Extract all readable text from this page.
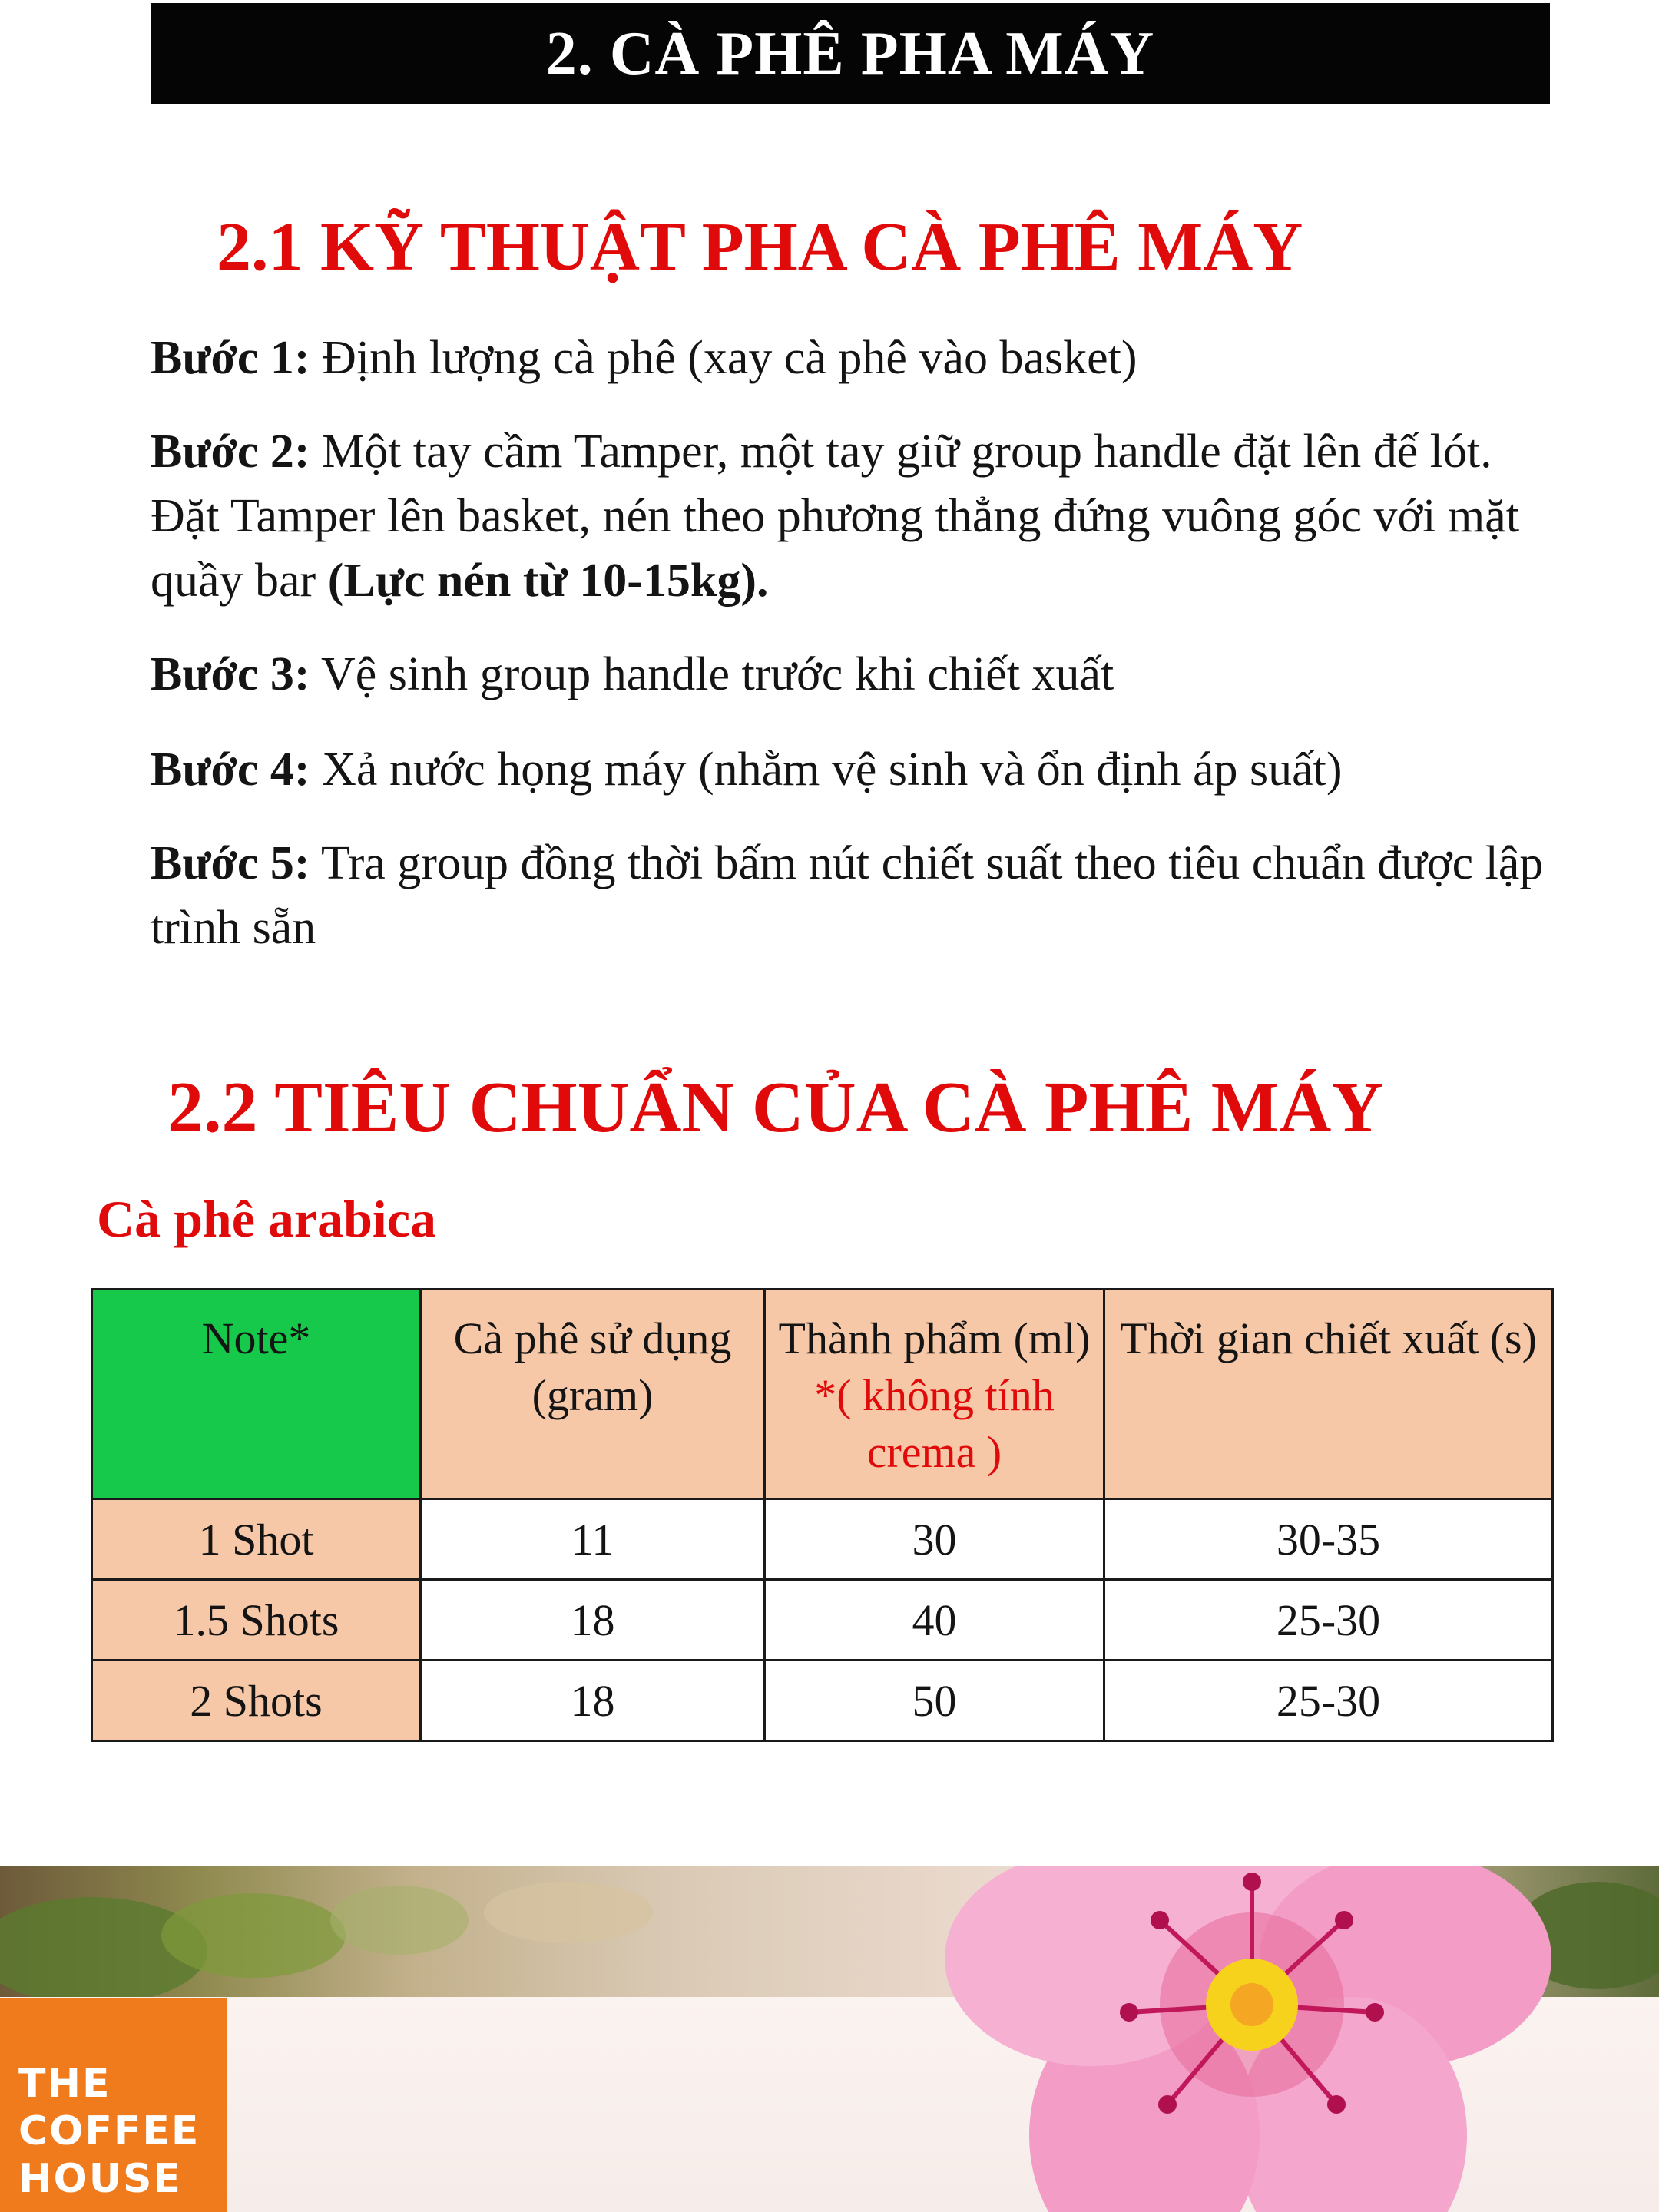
2. CÀ PHÊ PHA MÁY
2.1 KỸ THUẬT PHA CÀ PHÊ MÁY
Bước 1: Định lượng cà phê (xay cà phê vào basket)
Bước 2: Một tay cầm Tamper, một tay giữ group handle đặt lên đế lót. Đặt Tamper lên basket, nén theo phương thẳng đứng vuông góc với mặt quầy bar (Lực nén từ 10-15kg).
Bước 3: Vệ sinh group handle trước khi chiết xuất
Bước 4: Xả nước họng máy (nhằm vệ sinh và ổn định áp suất)
Bước 5: Tra group đồng thời bấm nút chiết suất theo tiêu chuẩn được lập trình sẵn
2.2 TIÊU CHUẨN CỦA CÀ PHÊ MÁY
Cà phê arabica
Note*	Cà phê sử dụng (gram)	Thành phẩm (ml) *( không tính crema )	Thời gian chiết xuất (s)
1 Shot	11	30	30-35
1.5 Shots	18	40	25-30
2 Shots	18	50	25-30
THE
COFFEE
HOUSE
